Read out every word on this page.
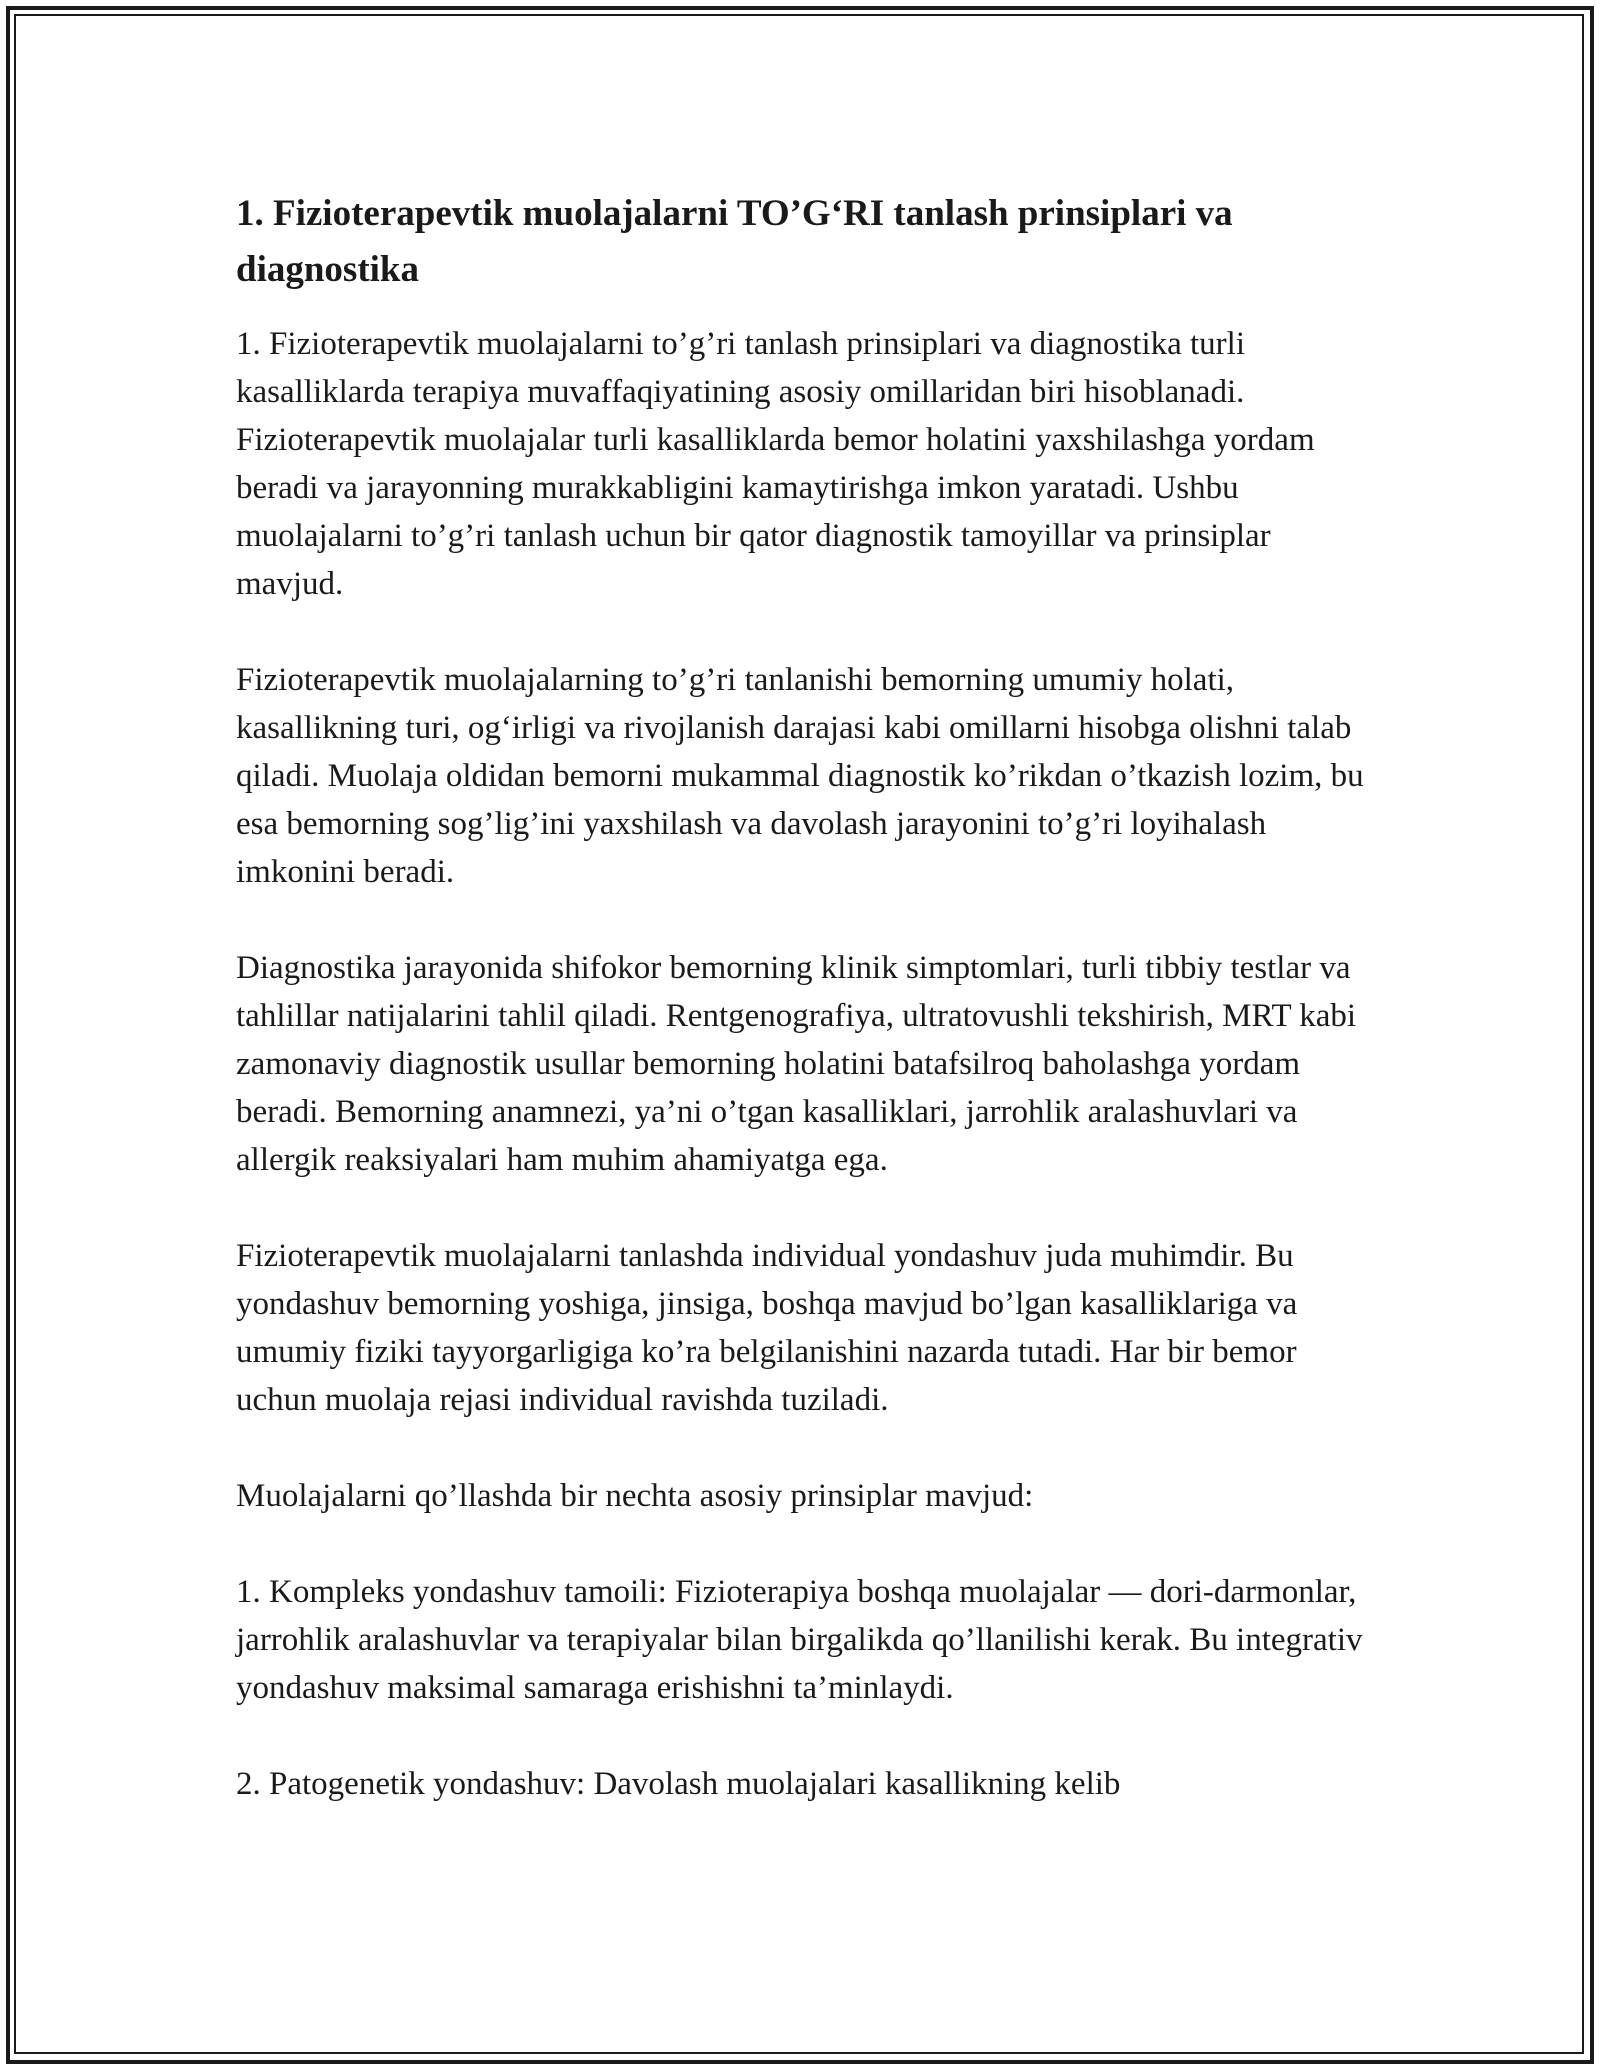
1. Fizioterapevtik muolajalarni TO’G‘RI tanlash prinsiplari va diagnostika

1. Fizioterapevtik muolajalarni to’g’ri tanlash prinsiplari va diagnostika turli kasalliklarda terapiya muvaffaqiyatining asosiy omillaridan biri hisoblanadi. Fizioterapevtik muolajalar turli kasalliklarda bemor holatini yaxshilashga yordam beradi va jarayonning murakkabligini kamaytirishga imkon yaratadi. Ushbu muolajalarni to’g’ri tanlash uchun bir qator diagnostik tamoyillar va prinsiplar mavjud.

Fizioterapevtik muolajalarning to’g’ri tanlanishi bemorning umumiy holati, kasallikning turi, og‘irligi va rivojlanish darajasi kabi omillarni hisobga olishni talab qiladi. Muolaja oldidan bemorni mukammal diagnostik ko’rikdan o’tkazish lozim, bu esa bemorning sog’lig’ini yaxshilash va davolash jarayonini to’g’ri loyihalash imkonini beradi.

Diagnostika jarayonida shifokor bemorning klinik simptomlari, turli tibbiy testlar va tahlillar natijalarini tahlil qiladi. Rentgenografiya, ultratovushli tekshirish, MRT kabi zamonaviy diagnostik usullar bemorning holatini batafsilroq baholashga yordam beradi. Bemorning anamnezi, ya’ni o’tgan kasalliklari, jarrohlik aralashuvlari va allergik reaksiyalari ham muhim ahamiyatga ega.

Fizioterapevtik muolajalarni tanlashda individual yondashuv juda muhimdir. Bu yondashuv bemorning yoshiga, jinsiga, boshqa mavjud bo’lgan kasalliklariga va umumiy fiziki tayyorgarligiga ko’ra belgilanishini nazarda tutadi. Har bir bemor uchun muolaja rejasi individual ravishda tuziladi.

Muolajalarni qo’llashda bir nechta asosiy prinsiplar mavjud:

1. Kompleks yondashuv tamoili: Fizioterapiya boshqa muolajalar — dori-darmonlar, jarrohlik aralashuvlar va terapiyalar bilan birgalikda qo’llanilishi kerak. Bu integrativ yondashuv maksimal samaraga erishishni ta’minlaydi.

2. Patogenetik yondashuv: Davolash muolajalari kasallikning kelib
